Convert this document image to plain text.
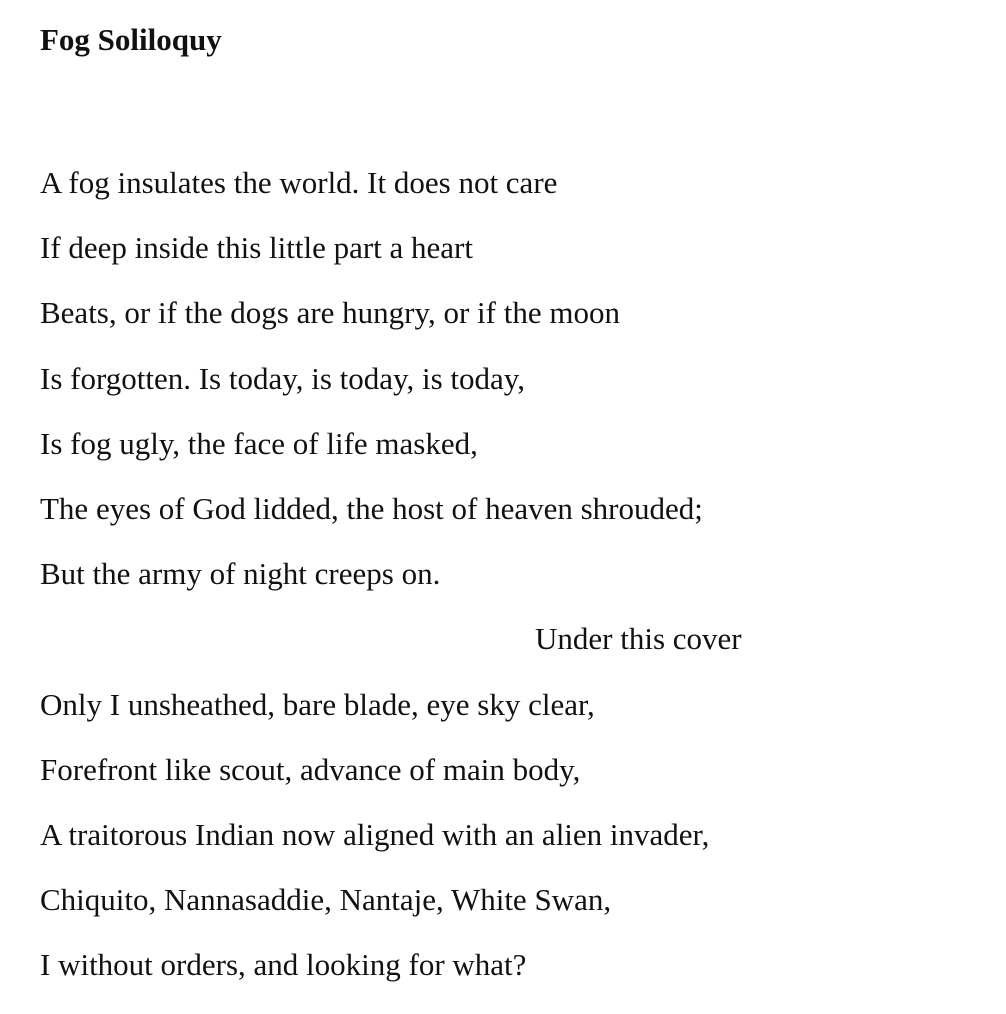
Fog Soliloquy
A fog insulates the world. It does not care
If deep inside this little part a heart
Beats, or if the dogs are hungry, or if the moon
Is forgotten. Is today, is today, is today,
Is fog ugly, the face of life masked,
The eyes of God lidded, the host of heaven shrouded;
But the army of night creeps on.
Under this cover
Only I unsheathed, bare blade, eye sky clear,
Forefront like scout, advance of main body,
A traitorous Indian now aligned with an alien invader,
Chiquito, Nannasaddie, Nantaje, White Swan,
I without orders, and looking for what?
